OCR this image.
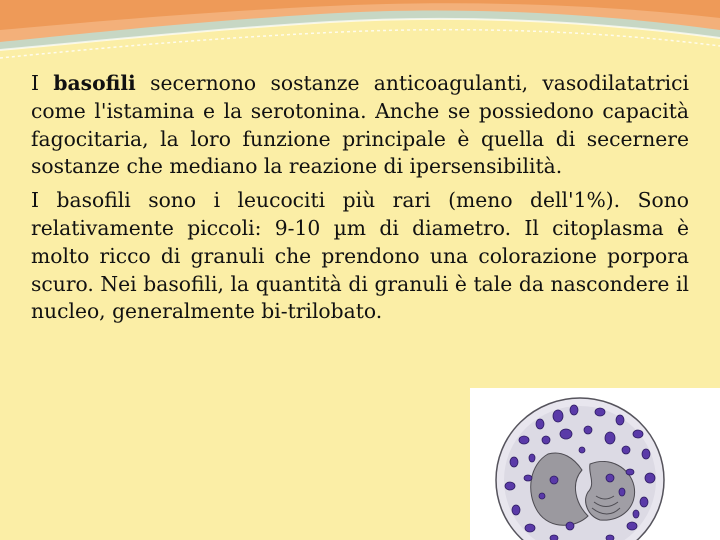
I basofili secernono sostanze anticoagulanti, vasodilatatrici come l'istamina e la serotonina. Anche se possiedono capacità fagocitaria, la loro funzione principale è quella di secernere sostanze che mediano la reazione di ipersensibilità.

I basofili sono i leucociti più rari (meno dell'1%). Sono relativamente piccoli: 9-10 µm di diametro. Il citoplasma è molto ricco di granuli che prendono una colorazione porpora scuro. Nei basofili, la quantità di granuli è tale da nascondere il nucleo, generalmente bi-trilobato.
